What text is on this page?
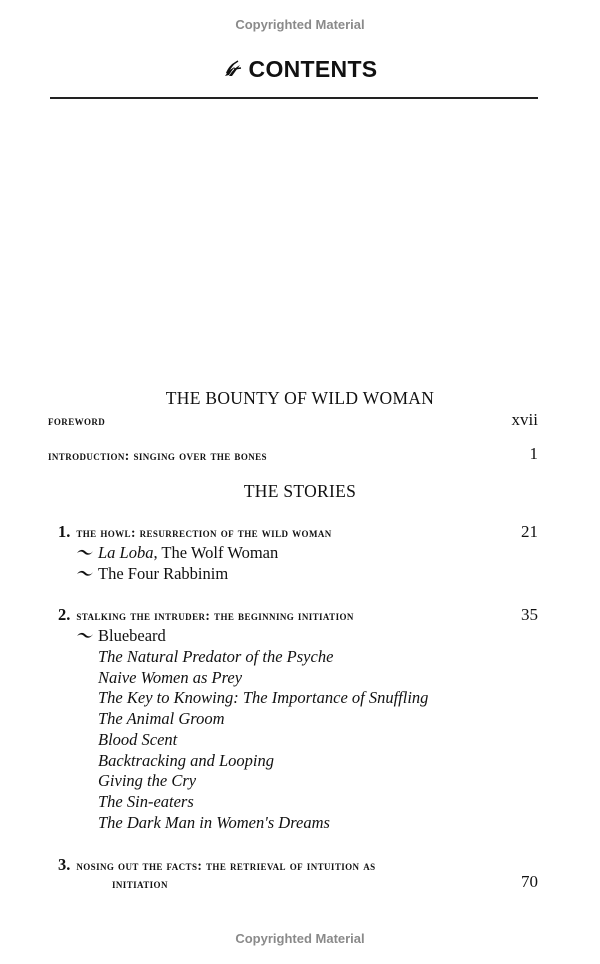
Copyrighted Material
CONTENTS
THE BOUNTY OF WILD WOMAN
foreword	xvii
introduction: singing over the bones	1
THE STORIES
1. the howl: resurrection of the wild woman	21
La Loba, The Wolf Woman
The Four Rabbinim
2. stalking the intruder: the beginning initiation	35
Bluebeard
The Natural Predator of the Psyche
Naive Women as Prey
The Key to Knowing: The Importance of Snuffling
The Animal Groom
Blood Scent
Backtracking and Looping
Giving the Cry
The Sin-eaters
The Dark Man in Women's Dreams
3. nosing out the facts: the retrieval of intuition as
initiation	70
Copyrighted Material
